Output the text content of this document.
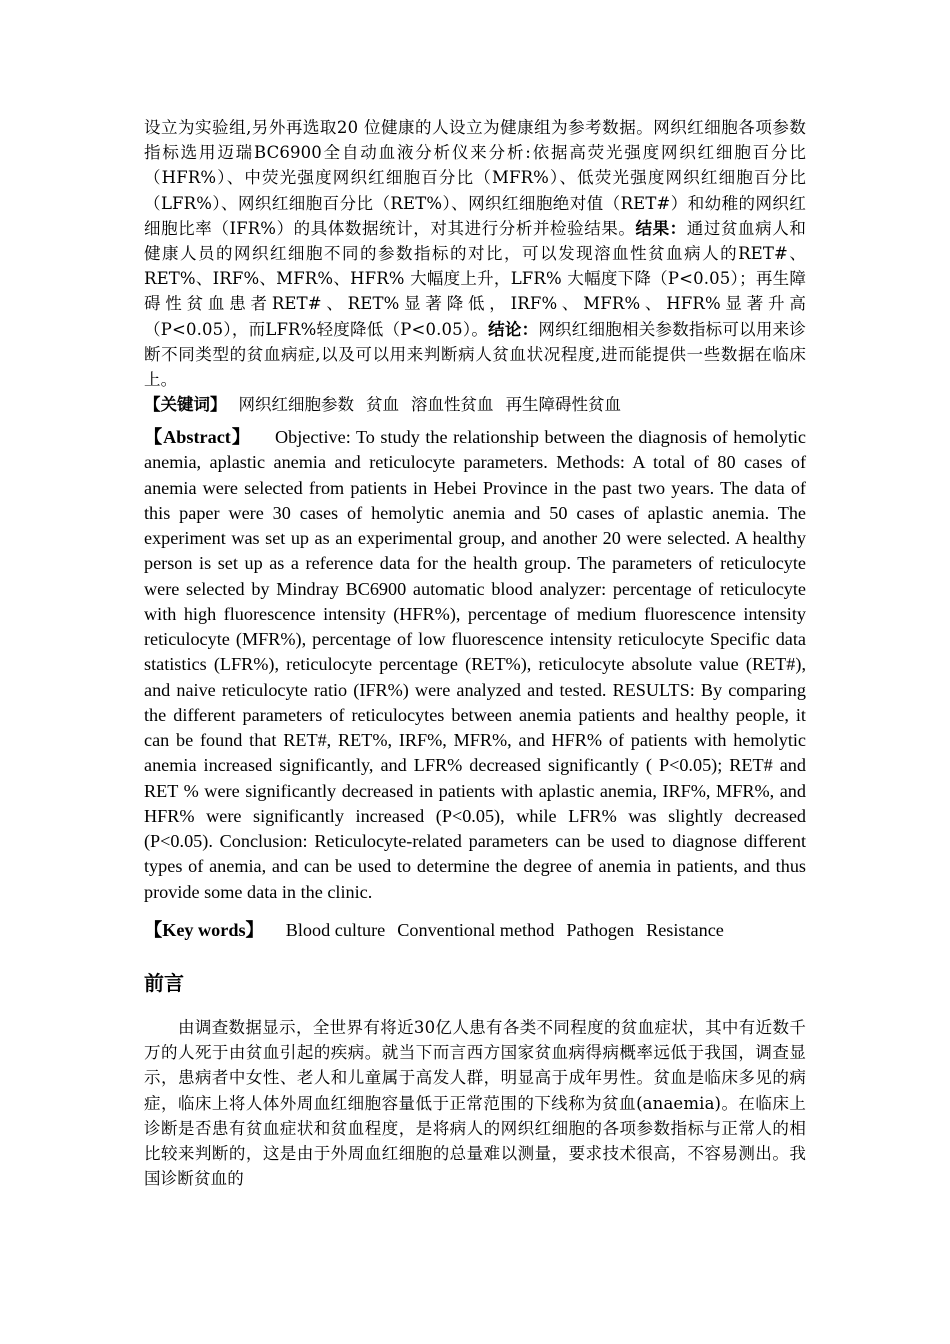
设立为实验组,另外再选取20 位健康的人设立为健康组为参考数据。网织红细胞各项参数指标选用迈瑞BC6900全自动血液分析仪来分析:依据高荧光强度网织红细胞百分比（HFR%）、中荧光强度网织红细胞百分比（MFR%）、低荧光强度网织红细胞百分比（LFR%）、网织红细胞百分比（RET%）、网织红细胞绝对值（RET#）和幼稚的网织红细胞比率（IFR%）的具体数据统计，对其进行分析并检验结果。结果：通过贫血病人和健康人员的网织红细胞不同的参数指标的对比，可以发现溶血性贫血病人的RET#、RET%、IRF%、MFR%、HFR% 大幅度上升，LFR% 大幅度下降（P<0.05）；再生障碍性贫血患者RET#、RET%显著降低，IRF%、MFR%、HFR%显著升高（P<0.05），而LFR%轻度降低（P<0.05）。结论：网织红细胞相关参数指标可以用来诊断不同类型的贫血病症,以及可以用来判断病人贫血状况程度,进而能提供一些数据在临床上。

【关键词】 网织红细胞参数 贫血 溶血性贫血 再生障碍性贫血

【Abstract】 Objective: To study the relationship between the diagnosis of hemolytic anemia, aplastic anemia and reticulocyte parameters. Methods: A total of 80 cases of anemia were selected from patients in Hebei Province in the past two years. The data of this paper were 30 cases of hemolytic anemia and 50 cases of aplastic anemia. The experiment was set up as an experimental group, and another 20 were selected. A healthy person is set up as a reference data for the health group. The parameters of reticulocyte were selected by Mindray BC6900 automatic blood analyzer: percentage of reticulocyte with high fluorescence intensity (HFR%), percentage of medium fluorescence intensity reticulocyte (MFR%), percentage of low fluorescence intensity reticulocyte Specific data statistics (LFR%), reticulocyte percentage (RET%), reticulocyte absolute value (RET#), and naive reticulocyte ratio (IFR%) were analyzed and tested. RESULTS: By comparing the different parameters of reticulocytes between anemia patients and healthy people, it can be found that RET#, RET%, IRF%, MFR%, and HFR% of patients with hemolytic anemia increased significantly, and LFR% decreased significantly ( P<0.05); RET# and RET % were significantly decreased in patients with aplastic anemia, IRF%, MFR%, and HFR% were significantly increased (P<0.05), while LFR% was slightly decreased (P<0.05). Conclusion: Reticulocyte-related parameters can be used to diagnose different types of anemia, and can be used to determine the degree of anemia in patients, and thus provide some data in the clinic.

【Key words】 Blood culture Conventional method Pathogen Resistance

前言

由调查数据显示，全世界有将近30亿人患有各类不同程度的贫血症状，其中有近数千万的人死于由贫血引起的疾病。就当下而言西方国家贫血病得病概率远低于我国，调查显示，患病者中女性、老人和儿童属于高发人群，明显高于成年男性。贫血是临床多见的病症，临床上将人体外周血红细胞容量低于正常范围的下线称为贫血(anaemia)。在临床上诊断是否患有贫血症状和贫血程度，是将病人的网织红细胞的各项参数指标与正常人的相比较来判断的，这是由于外周血红细胞的总量难以测量，要求技术很高，不容易测出。我国诊断贫血的
